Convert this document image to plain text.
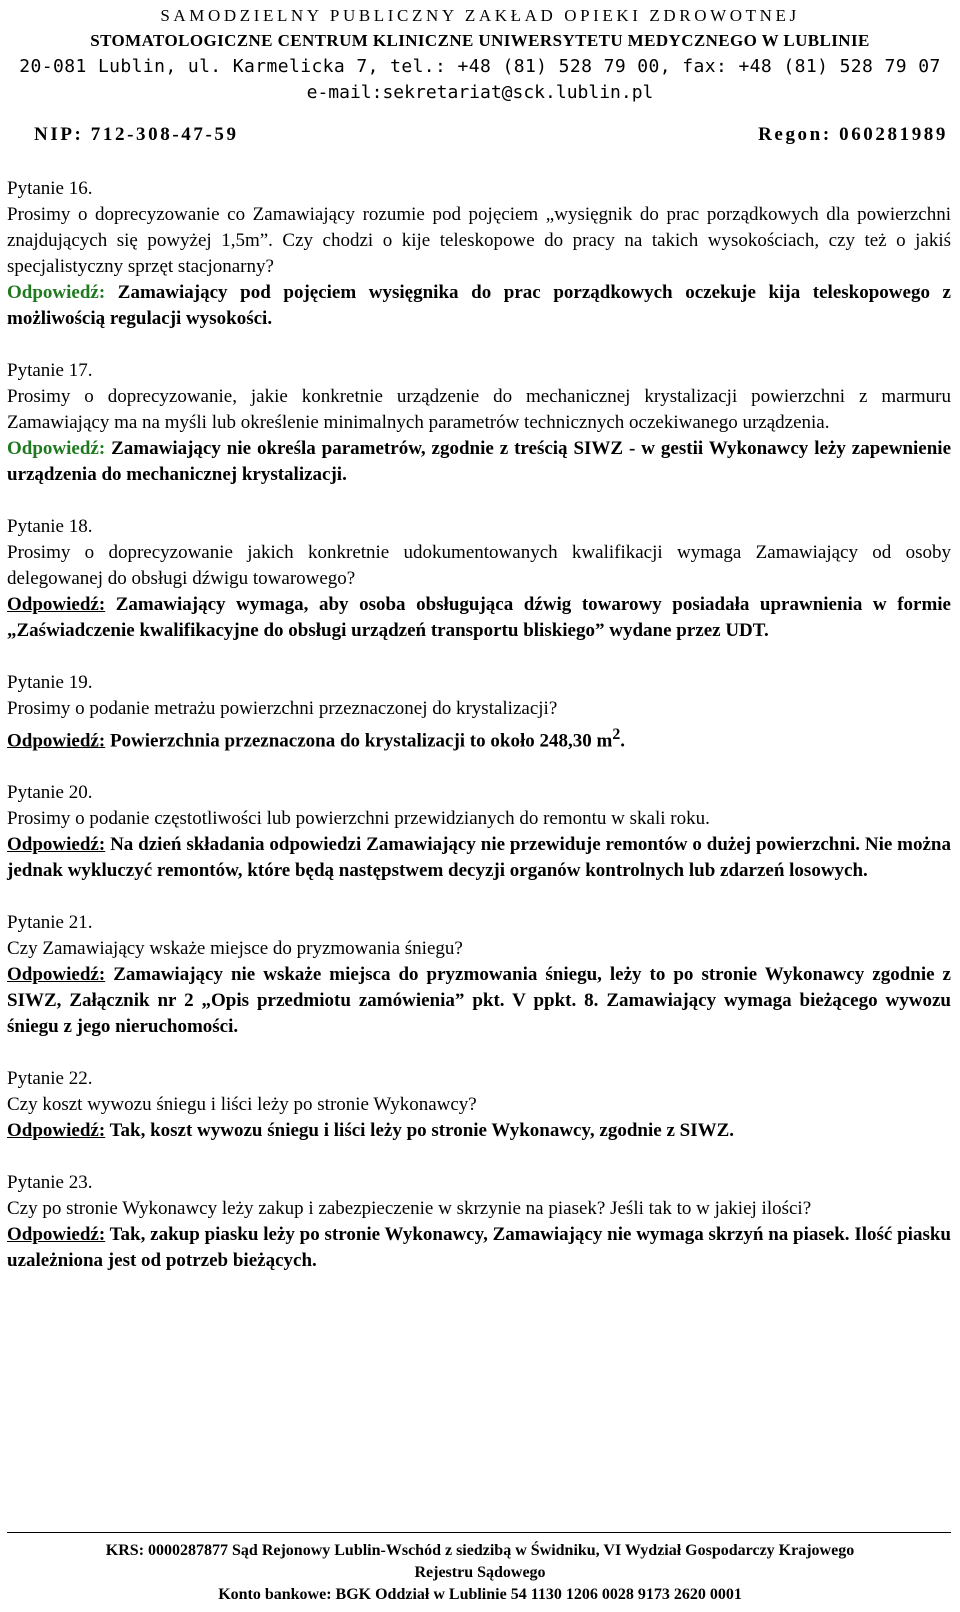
SAMODZIELNY PUBLICZNY ZAKŁAD OPIEKI ZDROWOTNEJ
STOMATOLOGICZNE CENTRUM KLINICZNE UNIWERSYTETU MEDYCZNEGO W LUBLINIE
20-081 Lublin, ul. Karmelicka 7, tel.: +48 (81) 528 79 00, fax: +48 (81) 528 79 07
e-mail:sekretariat@sck.lublin.pl
NIP: 712-308-47-59	Regon: 060281989

Pytanie 16.

Prosimy o doprecyzowanie co Zamawiający rozumie pod pojęciem „wysięgnik do prac porządkowych dla powierzchni znajdujących się powyżej 1,5m”. Czy chodzi o kije teleskopowe do pracy na takich wysokościach, czy też o jakiś specjalistyczny sprzęt stacjonarny?

Odpowiedź: Zamawiający pod pojęciem wysięgnika do prac porządkowych oczekuje kija teleskopowego z możliwością regulacji wysokości.

Pytanie 17.

Prosimy o doprecyzowanie, jakie konkretnie urządzenie do mechanicznej krystalizacji powierzchni z marmuru Zamawiający ma na myśli lub określenie minimalnych parametrów technicznych oczekiwanego urządzenia.

Odpowiedź: Zamawiający nie określa parametrów, zgodnie z treścią SIWZ - w gestii Wykonawcy leży zapewnienie urządzenia do mechanicznej krystalizacji.

Pytanie 18.

Prosimy o doprecyzowanie jakich konkretnie udokumentowanych kwalifikacji wymaga Zamawiający od osoby delegowanej do obsługi dźwigu towarowego?

Odpowiedź: Zamawiający wymaga, aby osoba obsługująca dźwig towarowy posiadała uprawnienia w formie „Zaświadczenie kwalifikacyjne do obsługi urządzeń transportu bliskiego” wydane przez UDT.

Pytanie 19.

Prosimy o podanie metrażu powierzchni przeznaczonej do krystalizacji?

Odpowiedź: Powierzchnia przeznaczona do krystalizacji to około 248,30 $m^2$.

Pytanie 20.

Prosimy o podanie częstotliwości lub powierzchni przewidzianych do remontu w skali roku.

Odpowiedź: Na dzień składania odpowiedzi Zamawiający nie przewiduje remontów o dużej powierzchni. Nie można jednak wykluczyć remontów, które będą następstwem decyzji organów kontrolnych lub zdarzeń losowych.

Pytanie 21.

Czy Zamawiający wskaże miejsce do pryzmowania śniegu?

Odpowiedź: Zamawiający nie wskaże miejsca do pryzmowania śniegu, leży to po stronie Wykonawcy zgodnie z SIWZ, Załącznik nr 2 „Opis przedmiotu zamówienia” pkt. V ppkt. 8. Zamawiający wymaga bieżącego wywozu śniegu z jego nieruchomości.

Pytanie 22.

Czy koszt wywozu śniegu i liści leży po stronie Wykonawcy?

Odpowiedź: Tak, koszt wywozu śniegu i liści leży po stronie Wykonawcy, zgodnie z SIWZ.

Pytanie 23.

Czy po stronie Wykonawcy leży zakup i zabezpieczenie w skrzynie na piasek? Jeśli tak to w jakiej ilości?

Odpowiedź: Tak, zakup piasku leży po stronie Wykonawcy, Zamawiający nie wymaga skrzyń na piasek. Ilość piasku uzależniona jest od potrzeb bieżących.

KRS: 0000287877 Sąd Rejonowy Lublin-Wschód z siedzibą w Świdniku, VI Wydział Gospodarczy Krajowego
Rejestru Sądowego
Konto bankowe: BGK Oddział w Lublinie 54 1130 1206 0028 9173 2620 0001
